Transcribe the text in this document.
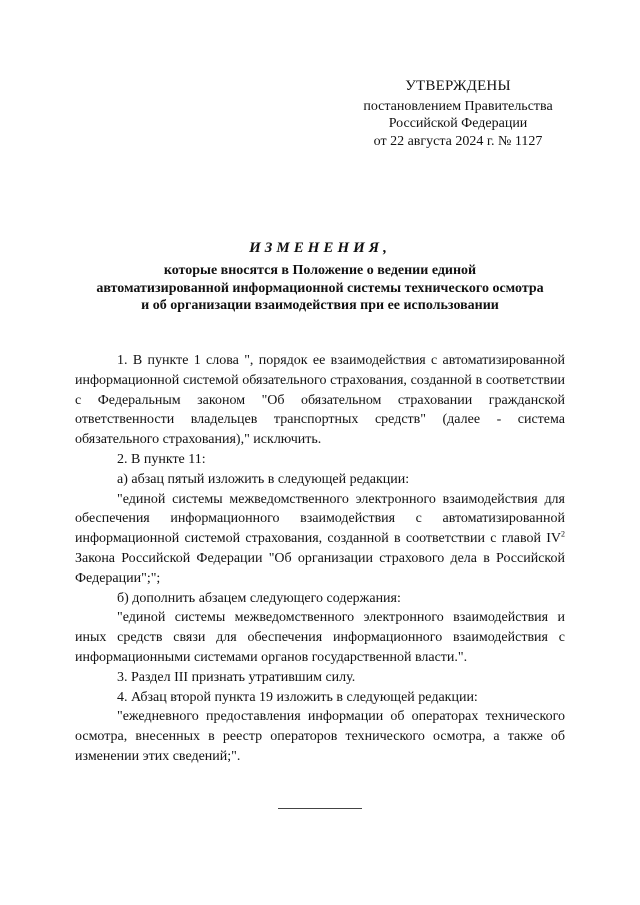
УТВЕРЖДЕНЫ
постановлением Правительства
Российской Федерации
от 22 августа 2024 г. № 1127
ИЗМЕНЕНИЯ,
которые вносятся в Положение о ведении единой
автоматизированной информационной системы технического осмотра
и об организации взаимодействия при ее использовании

1. В пункте 1 слова ", порядок ее взаимодействия с автоматизированной информационной системой обязательного страхования, созданной в соответствии с Федеральным законом "Об обязательном страховании гражданской ответственности владельцев транспортных средств" (далее - система обязательного страхования)," исключить.

2. В пункте 11:

а) абзац пятый изложить в следующей редакции:

"единой системы межведомственного электронного взаимодействия для обеспечения информационного взаимодействия с автоматизированной информационной системой страхования, созданной в соответствии с главой $IV^2$ Закона Российской Федерации "Об организации страхового дела в Российской Федерации";";

б) дополнить абзацем следующего содержания:

"единой системы межведомственного электронного взаимодействия и иных средств связи для обеспечения информационного взаимодействия с информационными системами органов государственной власти.".

3. Раздел III признать утратившим силу.

4. Абзац второй пункта 19 изложить в следующей редакции:

"ежедневного предоставления информации об операторах технического осмотра, внесенных в реестр операторов технического осмотра, а также об изменении этих сведений;".
